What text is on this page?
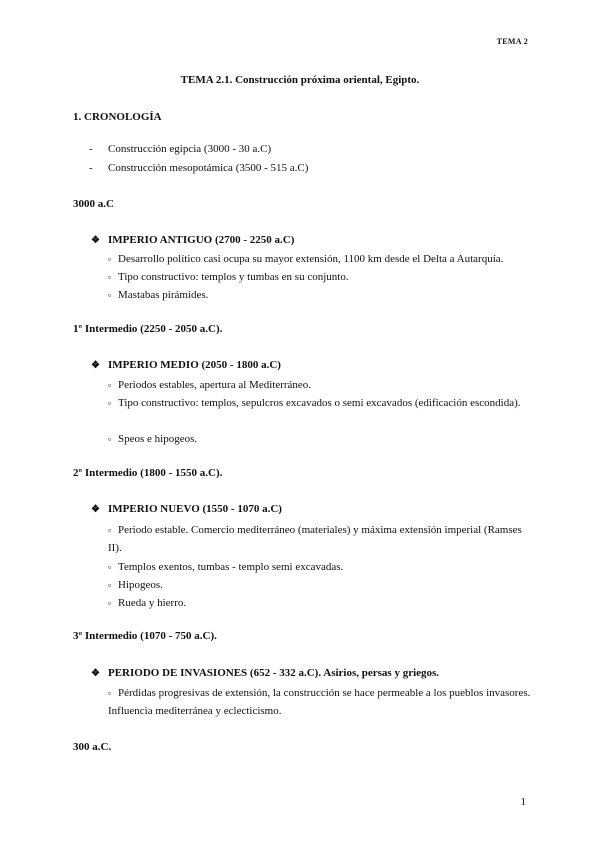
TEMA 2
TEMA 2.1. Construcción próxima oriental, Egipto.
1. CRONOLOGÍA
- Construcción egipcia (3000 - 30 a.C)
- Construcción mesopotámica (3500 - 515 a.C)
3000 a.C
❖ IMPERIO ANTIGUO (2700 - 2250 a.C)
▫ Desarrollo político casi ocupa su mayor extensión, 1100 km desde el Delta a Autarquía.
▫ Tipo constructivo: templos y tumbas en su conjunto.
▫ Mastabas pirámides.
1º Intermedio (2250 - 2050 a.C).
❖ IMPERIO MEDIO (2050 - 1800 a.C)
▫ Periodos estables, apertura al Mediterráneo.
▫ Tipo constructivo: templos, sepulcros excavados o semi excavados (edificación escondida).
▫ Speos e hipogeos.
2º Intermedio (1800 - 1550 a.C).
❖ IMPERIO NUEVO (1550 - 1070 a.C)
▫ Periodo estable. Comercio mediterráneo (materiales) y máxima extensión imperial (Ramses II).
▫ Templos exentos, tumbas - templo semi excavadas.
▫ Hipogeos.
▫ Rueda y hierro.
3º Intermedio (1070 - 750 a.C).
❖ PERIODO DE INVASIONES (652 - 332 a.C). Asirios, persas y griegos.
▫ Pérdidas progresivas de extensión, la construcción se hace permeable a los pueblos invasores. Influencia mediterránea y eclecticismo.
300 a.C.
1
